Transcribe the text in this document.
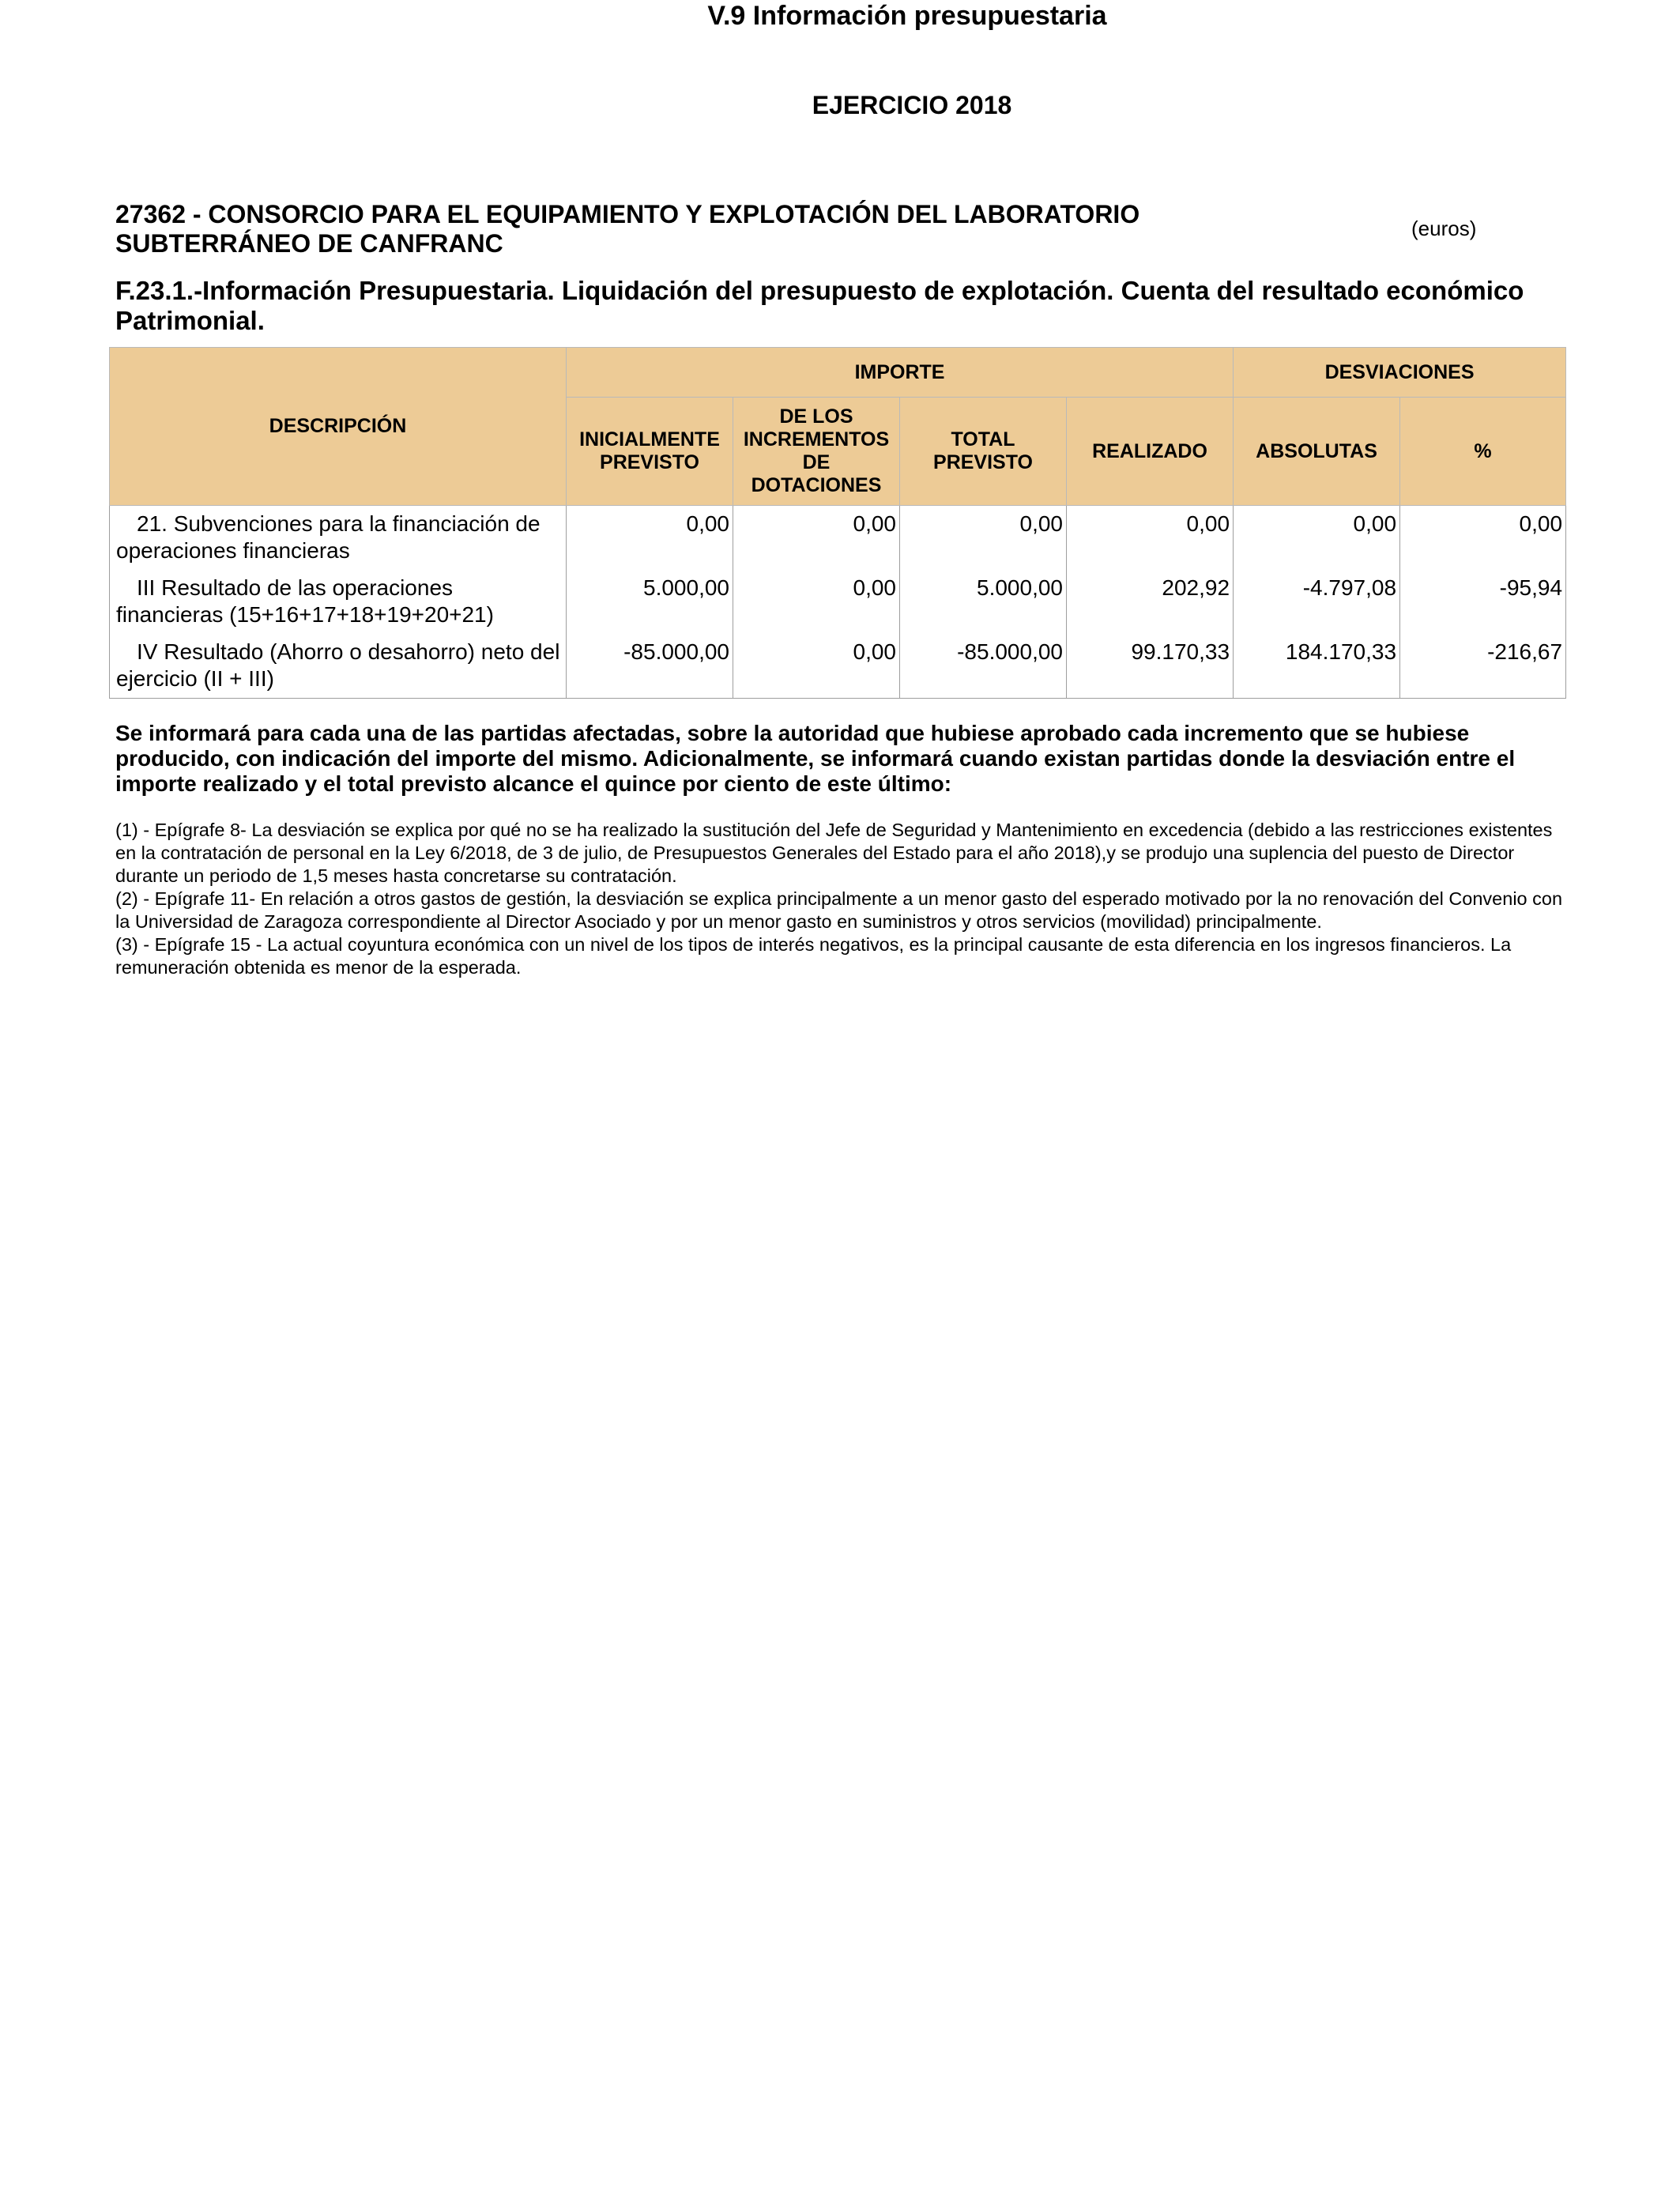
V.9 Información presupuestaria
EJERCICIO 2018
27362 - CONSORCIO PARA EL EQUIPAMIENTO Y EXPLOTACIÓN DEL LABORATORIO SUBTERRÁNEO DE CANFRANC
(euros)
F.23.1.-Información Presupuestaria. Liquidación del presupuesto de explotación. Cuenta del resultado económico Patrimonial.
DESCRIPCIÓN	IMPORTE				DESVIACIONES	
	INICIALMENTE PREVISTO	DE LOS INCREMENTOS DE DOTACIONES	TOTAL PREVISTO	REALIZADO	ABSOLUTAS	%
21. Subvenciones para la financiación de operaciones financieras	0,00	0,00	0,00	0,00	0,00	0,00
III Resultado de las operaciones financieras (15+16+17+18+19+20+21)	5.000,00	0,00	5.000,00	202,92	-4.797,08	-95,94
IV Resultado (Ahorro o desahorro) neto del ejercicio (II + III)	-85.000,00	0,00	-85.000,00	99.170,33	184.170,33	-216,67
Se informará para cada una de las partidas afectadas, sobre la autoridad que hubiese aprobado cada incremento que se hubiese producido, con indicación del importe del mismo. Adicionalmente, se informará cuando existan partidas donde la desviación entre el importe realizado y el total previsto alcance el quince por ciento de este último:

(1) - Epígrafe 8- La desviación se explica por qué no se ha realizado la sustitución del Jefe de Seguridad y Mantenimiento en excedencia (debido a las restricciones existentes en la contratación de personal en la Ley 6/2018, de 3 de julio, de Presupuestos Generales del Estado para el año 2018),y se produjo una suplencia del puesto de Director durante un periodo de 1,5 meses hasta concretarse su contratación.

(2) - Epígrafe 11- En relación a otros gastos de gestión, la desviación se explica principalmente a un menor gasto del esperado motivado por la no renovación del Convenio con la Universidad de Zaragoza correspondiente al Director Asociado y por un menor gasto en suministros y otros servicios (movilidad) principalmente.

(3) - Epígrafe 15 - La actual coyuntura económica con un nivel de los tipos de interés negativos, es la principal causante de esta diferencia en los ingresos financieros. La remuneración obtenida es menor de la esperada.
